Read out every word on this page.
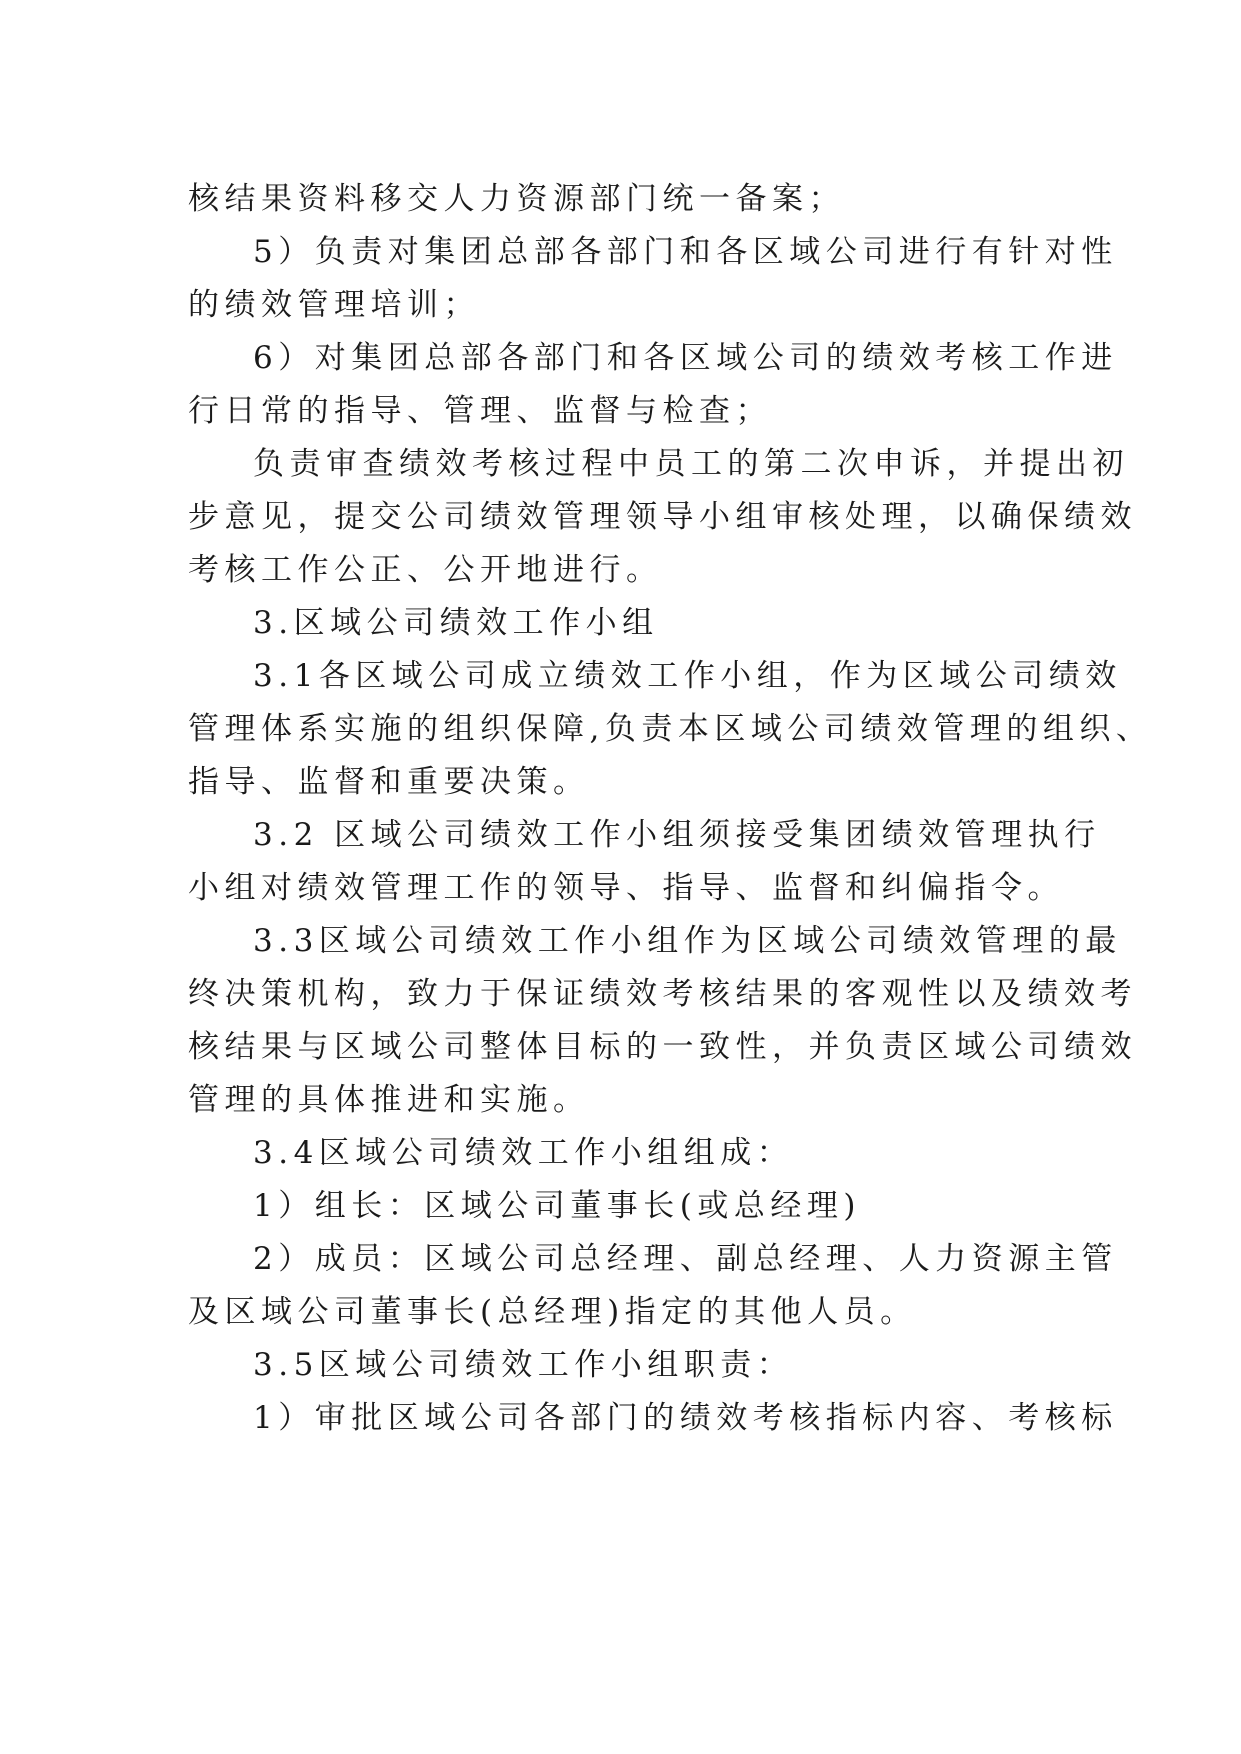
核结果资料移交人力资源部门统一备案；

5）负责对集团总部各部门和各区域公司进行有针对性

的绩效管理培训；

6）对集团总部各部门和各区域公司的绩效考核工作进

行日常的指导、管理、监督与检查；

负责审查绩效考核过程中员工的第二次申诉，并提出初

步意见，提交公司绩效管理领导小组审核处理，以确保绩效

考核工作公正、公开地进行。

3.区域公司绩效工作小组

3.1各区域公司成立绩效工作小组，作为区域公司绩效

管理体系实施的组织保障,负责本区域公司绩效管理的组织、

指导、监督和重要决策。

3.2 区域公司绩效工作小组须接受集团绩效管理执行

小组对绩效管理工作的领导、指导、监督和纠偏指令。

3.3区域公司绩效工作小组作为区域公司绩效管理的最

终决策机构，致力于保证绩效考核结果的客观性以及绩效考

核结果与区域公司整体目标的一致性，并负责区域公司绩效

管理的具体推进和实施。

3.4区域公司绩效工作小组组成：

1）组长：区域公司董事长(或总经理)

2）成员：区域公司总经理、副总经理、人力资源主管

及区域公司董事长(总经理)指定的其他人员。

3.5区域公司绩效工作小组职责：

1）审批区域公司各部门的绩效考核指标内容、考核标
